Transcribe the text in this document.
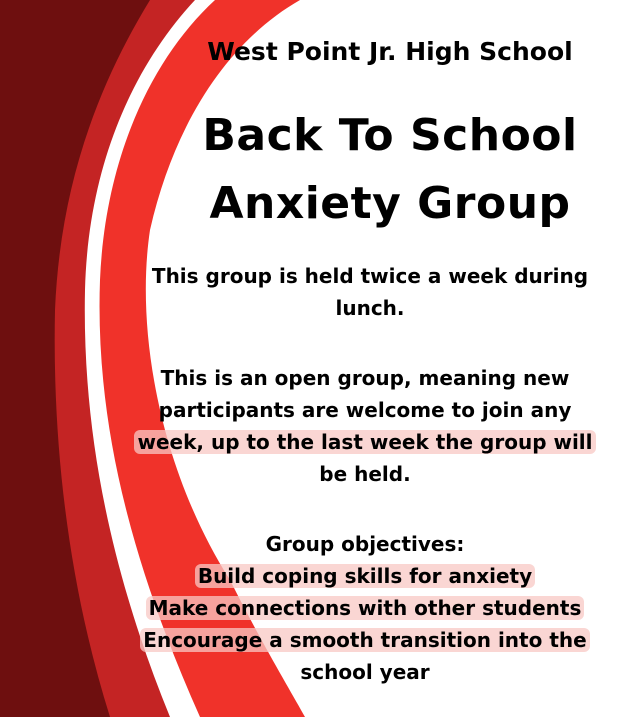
West Point Jr. High School

Back To School
Anxiety Group

This group is held twice a week during
lunch.

This is an open group, meaning new
participants are welcome to join any
week, up to the last week the group will
be held.

Group objectives:
Build coping skills for anxiety
Make connections with other students
Encourage a smooth transition into the
school year
